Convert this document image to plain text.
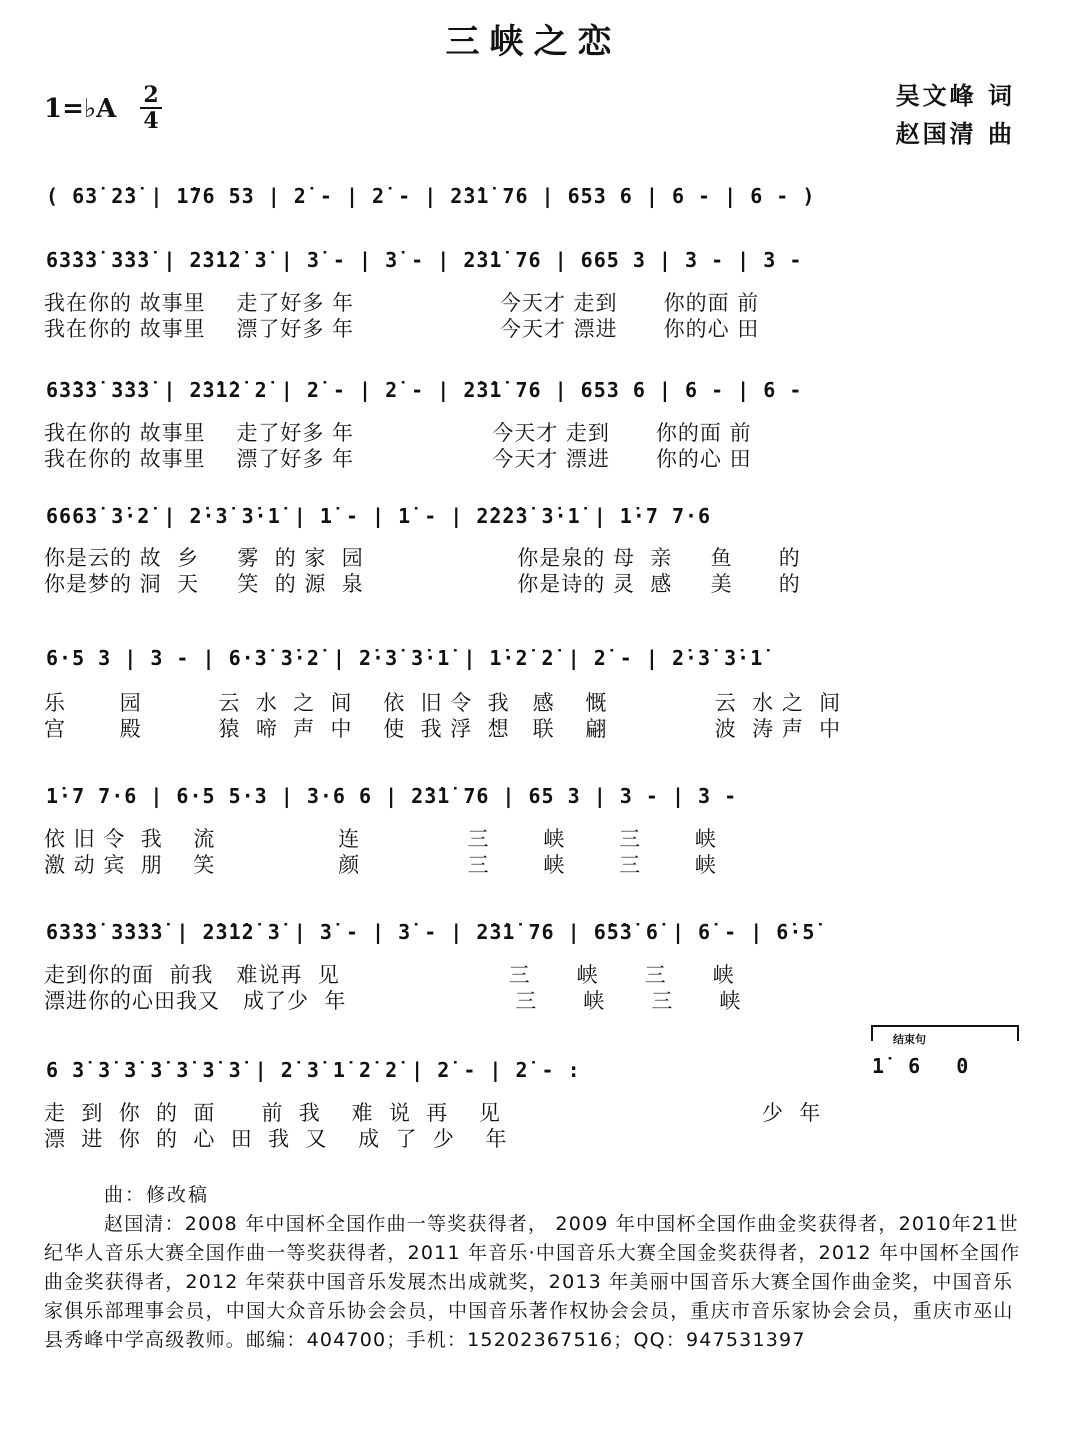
三峡之恋
1=♭A 2
4
吴文峰 词
赵国清 曲
( 63̇ 2̇3̇ | 1̇76 53 | 2̇ - | 2̇ - | 2̇3̇1̇ 76 | 653 6 | 6 - | 6 - )
63̇3̇3̇ 3̇3̇3̇ | 2̇3̇1̇2̇ 3̇ | 3̇ - | 3̇ - | 2̇3̇1̇ 76 | 665 3 | 3 - | 3 -
我在你的 故事里    走了好多 年                   今天才 走到      你的面 前
我在你的 故事里    漂了好多 年                   今天才 漂进      你的心 田
63̇3̇3̇ 3̇3̇3̇ | 2̇3̇1̇2̇ 2̇ | 2̇ - | 2̇ - | 2̇3̇1̇ 76 | 653 6 | 6 - | 6 -
我在你的 故事里    走了好多 年                  今天才 走到      你的面 前
我在你的 故事里    漂了好多 年                  今天才 漂进      你的心 田
6663̇ 3̇·2̇ | 2̇·3̇ 3̇·1̇ | 1̇ - | 1̇ - | 2̇2̇2̇3̇ 3̇·1̇ | 1̇·7 7·6
你是云的 故  乡     雾  的 家  园                    你是泉的 母  亲     鱼      的
你是梦的 洞  天     笑  的 源  泉                    你是诗的 灵  感     美      的
6·5 3 | 3 - | 6·3̇ 3̇·2̇ | 2̇·3̇ 3̇·1̇ | 1̇·2̇ 2̇ | 2̇ - | 2̇·3̇ 3̇·1̇
乐       园          云  水  之  间    依  旧 令  我   感    慨              云  水 之  间
宫       殿          猿  啼  声  中    使  我 浮  想   联    翩              波  涛 声  中
1̇·7 7·6 | 6·5 5·3 | 3·6 6 | 2̇3̇1̇ 76 | 65 3 | 3 - | 3 -
依 旧 令  我    流                连              三       峡       三       峡
激 动 宾  朋    笑                颜              三       峡       三       峡
63̇3̇3̇ 3̇3̇3̇3̇ | 2̇3̇1̇2̇ 3̇ | 3̇ - | 3̇ - | 2̇3̇1̇ 76 | 6̇5̇3̇ 6̇ | 6̇ - | 6̇·5̇
走到你的面  前我   难说再  见                      三      峡      三      峡
漂进你的心田我又   成了少  年                      三      峡      三      峡
结束句
6 3̇ 3̇ 3̇ 3̇ 3̇ 3̇ 3̇ | 2̇ 3̇ 1̇ 2̇ 2̇ | 2̇ - | 2̇ - :	1̇  6   0
走  到  你  的  面      前  我    难  说  再    见                                  少  年
漂  进  你  的  心  田  我  又    成  了  少    年
曲：修改稿
赵国清：2008 年中国杯全国作曲一等奖获得者， 2009 年中国杯全国作曲金奖获得者，2010年21世纪华人音乐大赛全国作曲一等奖获得者，2011 年音乐·中国音乐大赛全国金奖获得者，2012 年中国杯全国作曲金奖获得者，2012 年荣获中国音乐发展杰出成就奖，2013 年美丽中国音乐大赛全国作曲金奖，中国音乐家俱乐部理事会员，中国大众音乐协会会员，中国音乐著作权协会会员，重庆市音乐家协会会员，重庆市巫山县秀峰中学高级教师。邮编：404700；手机：15202367516；QQ：947531397
